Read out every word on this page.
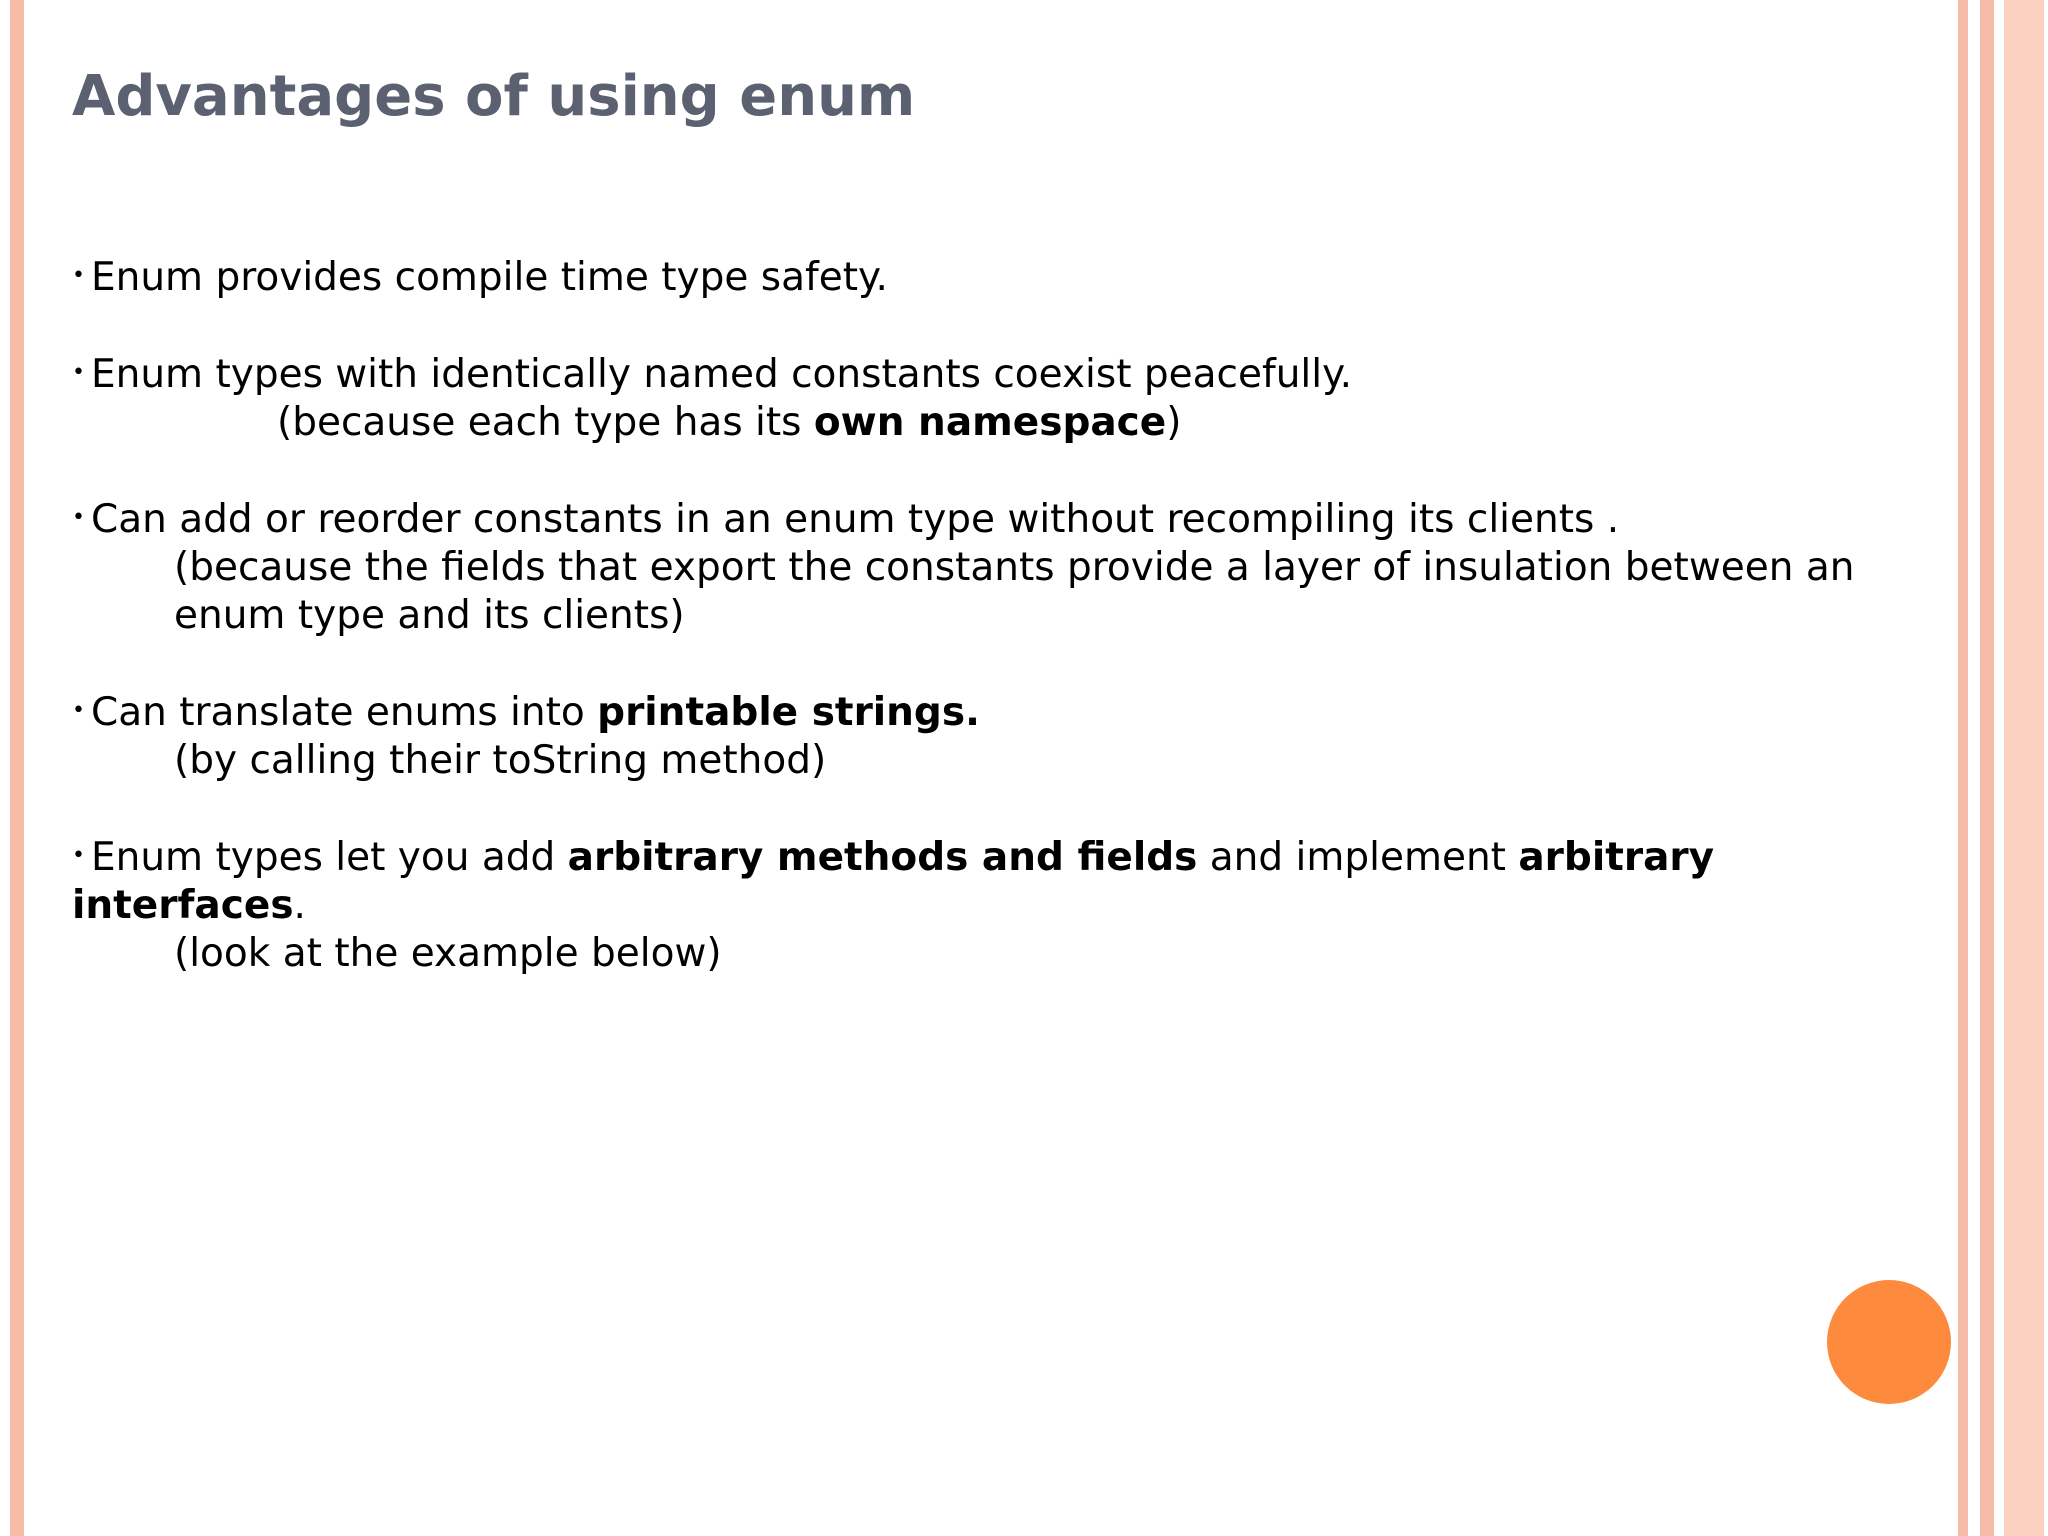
Advantages of using enum
• Enum provides compile time type safety.
• Enum types with identically named constants coexist peacefully.
(because each type has its own namespace)
• Can add or reorder constants in an enum type without recompiling its clients .
(because the fields that export the constants provide a layer of insulation between an
enum type and its clients)
• Can translate enums into printable strings.
(by calling their toString method)
• Enum types let you add arbitrary methods and fields and implement arbitrary interfaces.
(look at the example below)
